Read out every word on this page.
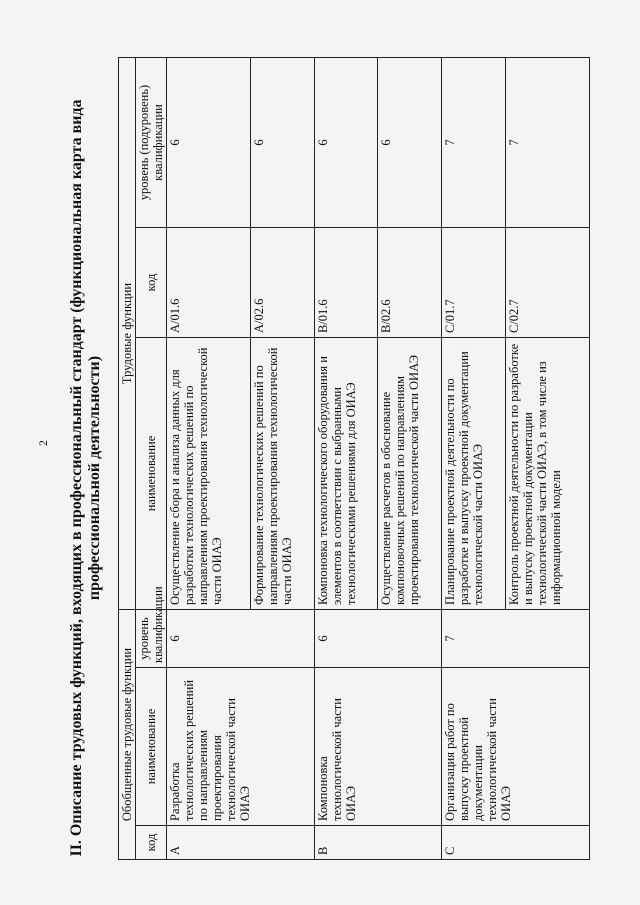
2 II. Описание трудовых функций, входящих в профессиональный стандарт (функциональная карта вида профессиональной деятельности)
Обобщенные трудовые функции			Трудовые функции		
код	наименование	уровень квалификации	наименование	код	уровень (подуровень) квалификации
A	Разработка технологических решений по направлениям проектирования технологической части ОИАЭ	6	Осуществление сбора и анализа данных для разработки технологических решений по направлениям проектирования технологической части ОИАЭ	A/01.6	6
			Формирование технологических решений по направлениям проектирования технологической части ОИАЭ	A/02.6	6
B	Компоновка технологической части ОИАЭ	6	Компоновка технологического оборудования и элементов в соответствии с выбранными технологическими решениями для ОИАЭ	B/01.6	6
			Осуществление расчетов в обоснование компоновочных решений по направлениям проектирования технологической части ОИАЭ	B/02.6	6
C	Организация работ по выпуску проектной документации технологической части ОИАЭ	7	Планирование проектной деятельности по разработке и выпуску проектной документации технологической части ОИАЭ	C/01.7	7
			Контроль проектной деятельности по разработке и выпуску проектной документации технологической части ОИАЭ, в том числе из информационной модели	C/02.7	7
